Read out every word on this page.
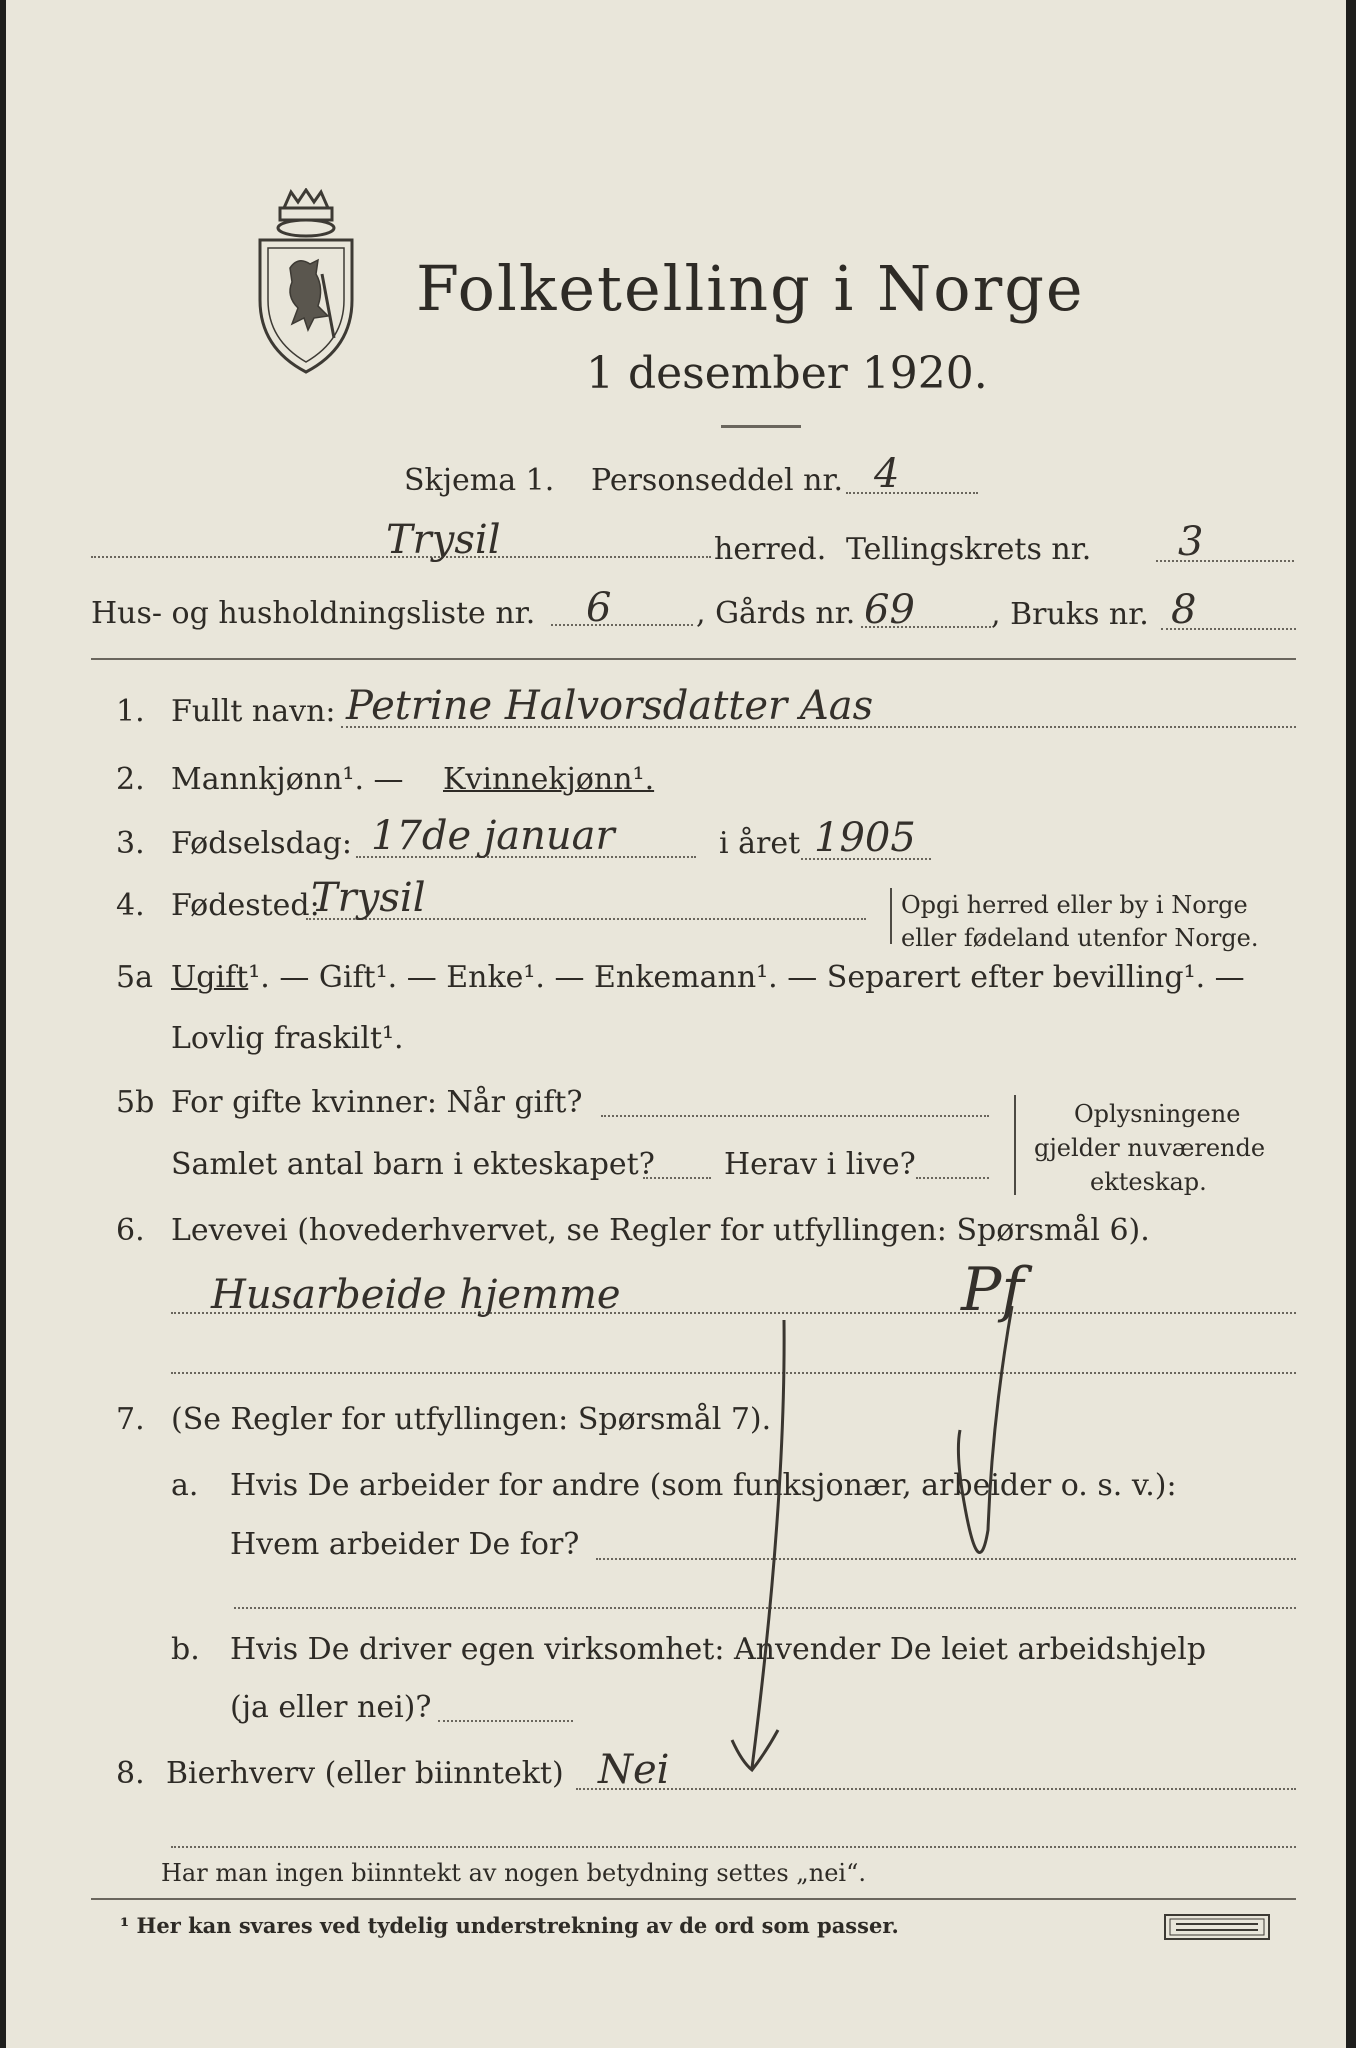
Folketelling i Norge
1 desember 1920.
Skjema 1. Personseddel nr. 4
Trysil	herred. Tellingskrets nr. 3
Hus- og husholdningsliste nr. 6	, Gårds nr. 69	, Bruks nr. 8
1. Fullt navn: Petrine Halvorsdatter Aas
2. Mannkjønn¹. — Kvinnekjønn¹.
3. Fødselsdag: 17de januar	i året 1905
4. Fødested:
Trysil	Opgi herred eller by i Norge
eller fødeland utenfor Norge.
5a Ugift¹. — Gift¹. — Enke¹. — Enkemann¹. — Separert efter bevilling¹. —
Lovlig fraskilt¹.
5b For gifte kvinner: Når gift?
Samlet antal barn i ekteskapet? Herav i live?
Oplysningene
gjelder nuværende
ekteskap.
6. Levevei (hovederhvervet, se Regler for utfyllingen: Spørsmål 6).
Husarbeide hjemme	Pf
7. (Se Regler for utfyllingen: Spørsmål 7).
a. Hvis De arbeider for andre (som funksjonær, arbeider o. s. v.):
Hvem arbeider De for?
b. Hvis De driver egen virksomhet: Anvender De leiet arbeidshjelp
(ja eller nei)?
8. Bierhverv (eller biinntekt) Nei
Har man ingen biinntekt av nogen betydning settes „nei“.
¹ Her kan svares ved tydelig understrekning av de ord som passer.
